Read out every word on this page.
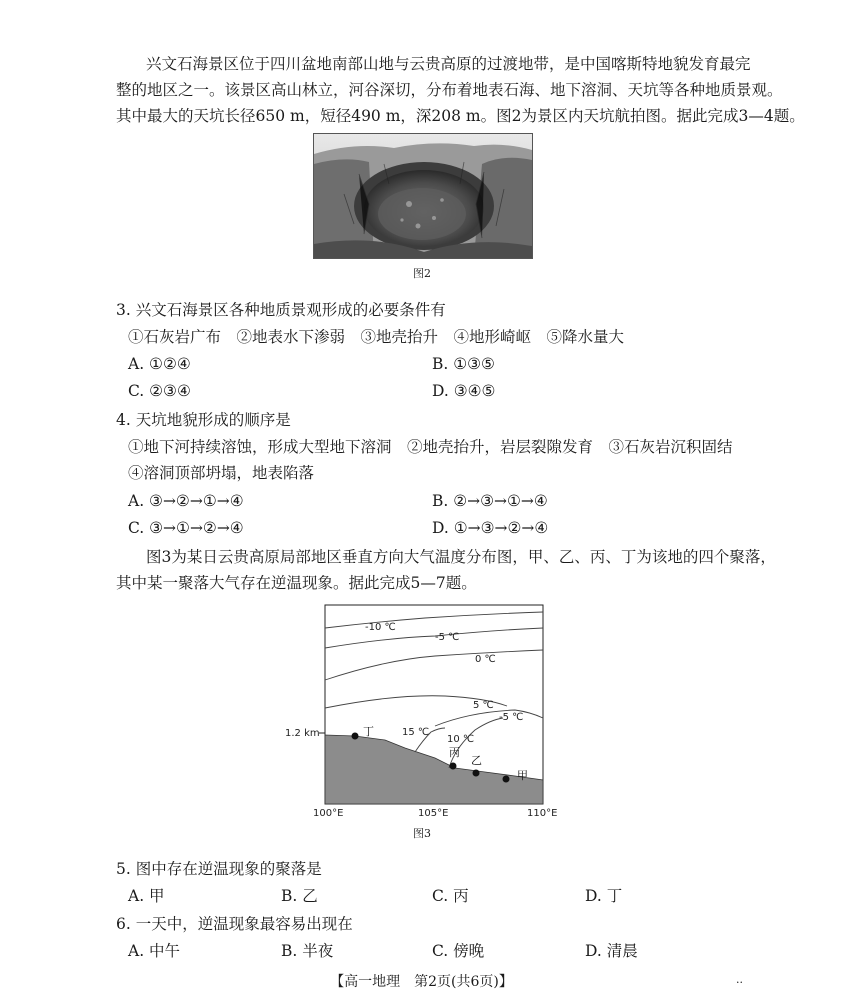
兴文石海景区位于四川盆地南部山地与云贵高原的过渡地带，是中国喀斯特地貌发育最完
整的地区之一。该景区高山林立，河谷深切，分布着地表石海、地下溶洞、天坑等各种地质景观。
其中最大的天坑长径650 m，短径490 m，深208 m。图2为景区内天坑航拍图。据此完成3—4题。
图2
3. 兴文石海景区各种地质景观形成的必要条件有
①石灰岩广布　②地表水下渗弱　③地壳抬升　④地形崎岖　⑤降水量大
A. ①②④	B. ①③⑤
C. ②③④	D. ③④⑤
4. 天坑地貌形成的顺序是
①地下河持续溶蚀，形成大型地下溶洞　②地壳抬升，岩层裂隙发育　③石灰岩沉积固结
④溶洞顶部坍塌，地表陷落
A. ③→②→①→④	B. ②→③→①→④
C. ③→①→②→④	D. ①→③→②→④
图3为某日云贵高原局部地区垂直方向大气温度分布图，甲、乙、丙、丁为该地的四个聚落，
其中某一聚落大气存在逆温现象。据此完成5—7题。
-10 ℃
-5 ℃
0 ℃
5 ℃
-5 ℃
10 ℃
15 ℃
1.2 km	丁
丙
乙
甲
100°E	105°E	110°E
图3
5. 图中存在逆温现象的聚落是
A. 甲	B. 乙	C. 丙	D. 丁
6. 一天中，逆温现象最容易出现在
A. 中午	B. 半夜	C. 傍晚	D. 清晨
【高一地理　第2页(共6页)】	··
